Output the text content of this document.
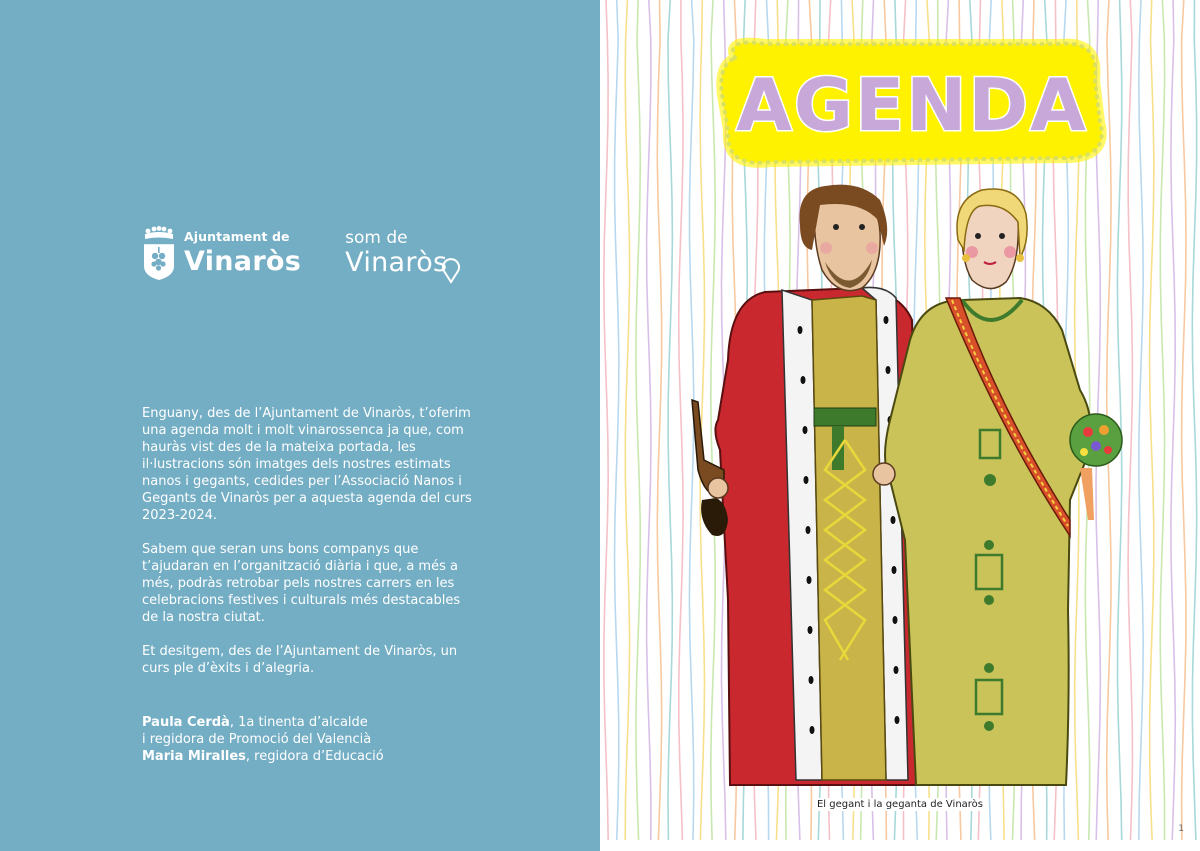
Ajuntament de
Vinaròs
som de
Vinaròs

Enguany, des de l’Ajuntament de Vinaròs, t’oferim una agenda molt i molt vinarossenca ja que, com hauràs vist des de la mateixa portada, les il·lustracions són imatges dels nostres estimats nanos i gegants, cedides per l’Associació Nanos i Gegants de Vinaròs per a aquesta agenda del curs 2023-2024.

Sabem que seran uns bons companys que t’ajudaran en l’organització diària i que, a més a més, podràs retrobar pels nostres carrers en les celebracions festives i culturals més destacables de la nostra ciutat.

Et desitgem, des de l’Ajuntament de Vinaròs, un curs ple d’èxits i d’alegria.

Paula Cerdà, 1a tinenta d’alcalde
i regidora de Promoció del Valencià
Maria Miralles, regidora d’Educació
AGENDA
El gegant i la geganta de Vinaròs
1
